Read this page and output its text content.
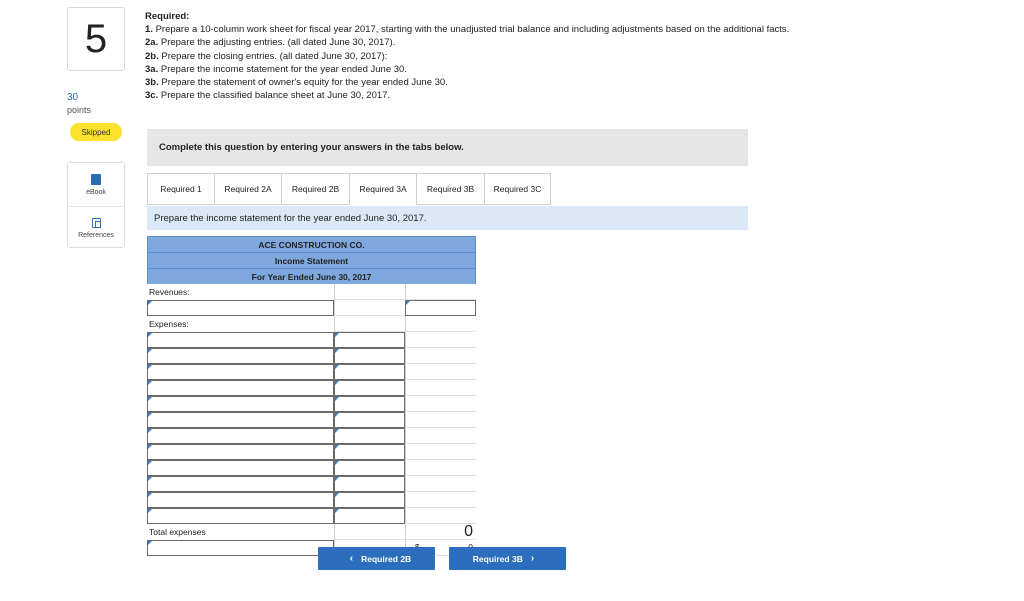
5
30
points
Skipped
eBook
References
Required:
1. Prepare a 10-column work sheet for fiscal year 2017, starting with the unadjusted trial balance and including adjustments based on the additional facts.
2a. Prepare the adjusting entries. (all dated June 30, 2017).
2b. Prepare the closing entries. (all dated June 30, 2017):
3a. Prepare the income statement for the year ended June 30.
3b. Prepare the statement of owner's equity for the year ended June 30.
3c. Prepare the classified balance sheet at June 30, 2017.
Complete this question by entering your answers in the tabs below.
Required 1	Required 2A	Required 2B	Required 3A	Required 3B	Required 3C
Prepare the income statement for the year ended June 30, 2017.
ACE CONSTRUCTION CO.
Income Statement
For Year Ended June 30, 2017
Revenues:
Expenses:
Total expenses	0
‹ Required 2B	Required 3B ›
